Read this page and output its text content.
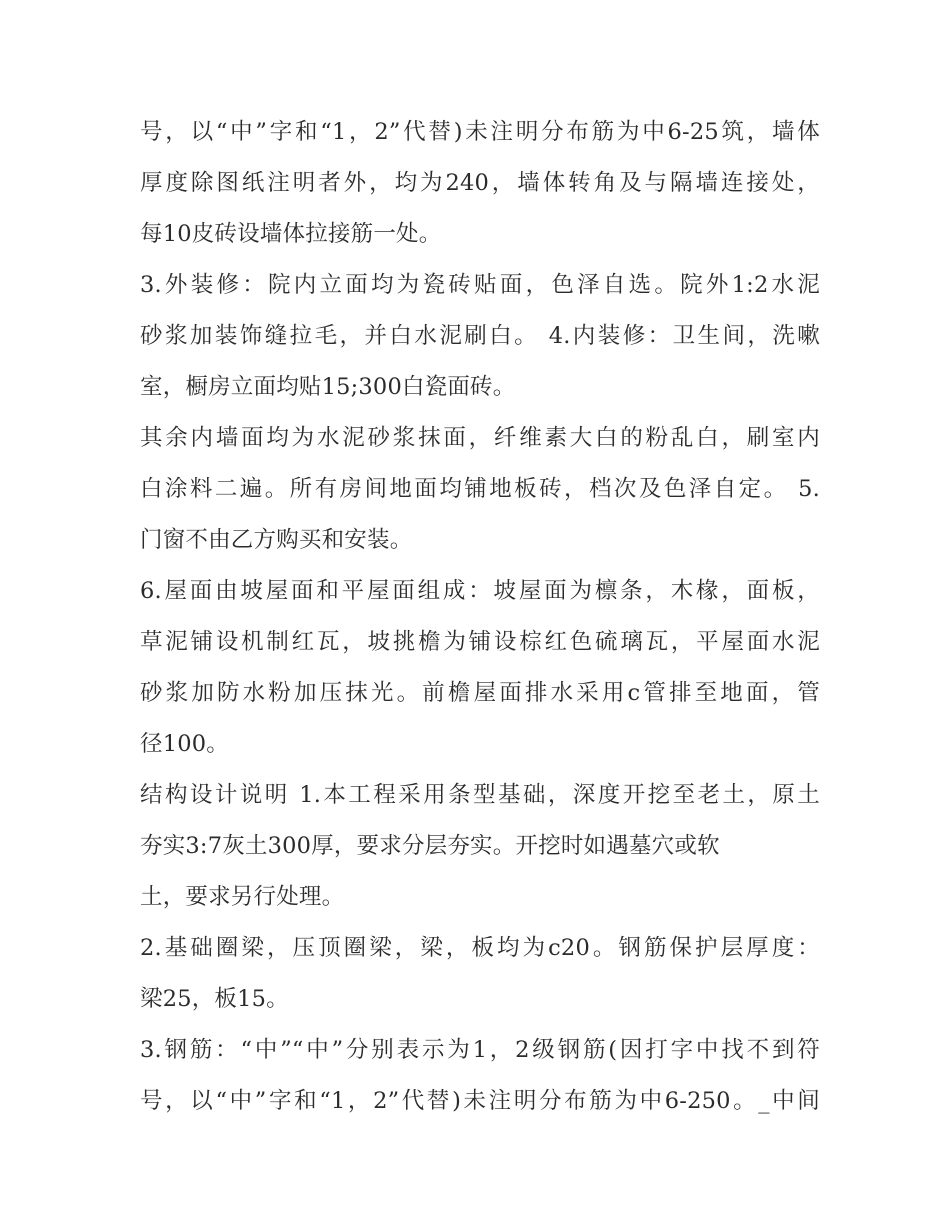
号，以“中”字和“1，2”代替)未注明分布筋为中6-25筑，墙体
厚度除图纸注明者外，均为240，墙体转角及与隔墙连接处，
每10皮砖设墙体拉接筋一处。
3.外装修：院内立面均为瓷砖贴面，色泽自选。院外1:2水泥
砂浆加装饰缝拉毛，并白水泥刷白。 4.内装修：卫生间，洗嗽
室，橱房立面均贴15;300白瓷面砖。
其余内墙面均为水泥砂浆抹面，纤维素大白的粉乱白，刷室内
白涂料二遍。所有房间地面均铺地板砖，档次及色泽自定。 5.
门窗不由乙方购买和安装。
6.屋面由坡屋面和平屋面组成：坡屋面为檩条，木椽，面板，
草泥铺设机制红瓦，坡挑檐为铺设棕红色硫璃瓦，平屋面水泥
砂浆加防水粉加压抹光。前檐屋面排水采用c管排至地面，管
径100。
结构设计说明 1.本工程采用条型基础，深度开挖至老土，原土
夯实3:7灰土300厚，要求分层夯实。开挖时如遇墓穴或软
土，要求另行处理。
2.基础圈梁，压顶圈梁，梁，板均为c20。钢筋保护层厚度：
梁25，板15。
3.钢筋：“中”“中”分别表示为1，2级钢筋(因打字中找不到符
号，以“中”字和“1，2”代替)未注明分布筋为中6-250。_中间
